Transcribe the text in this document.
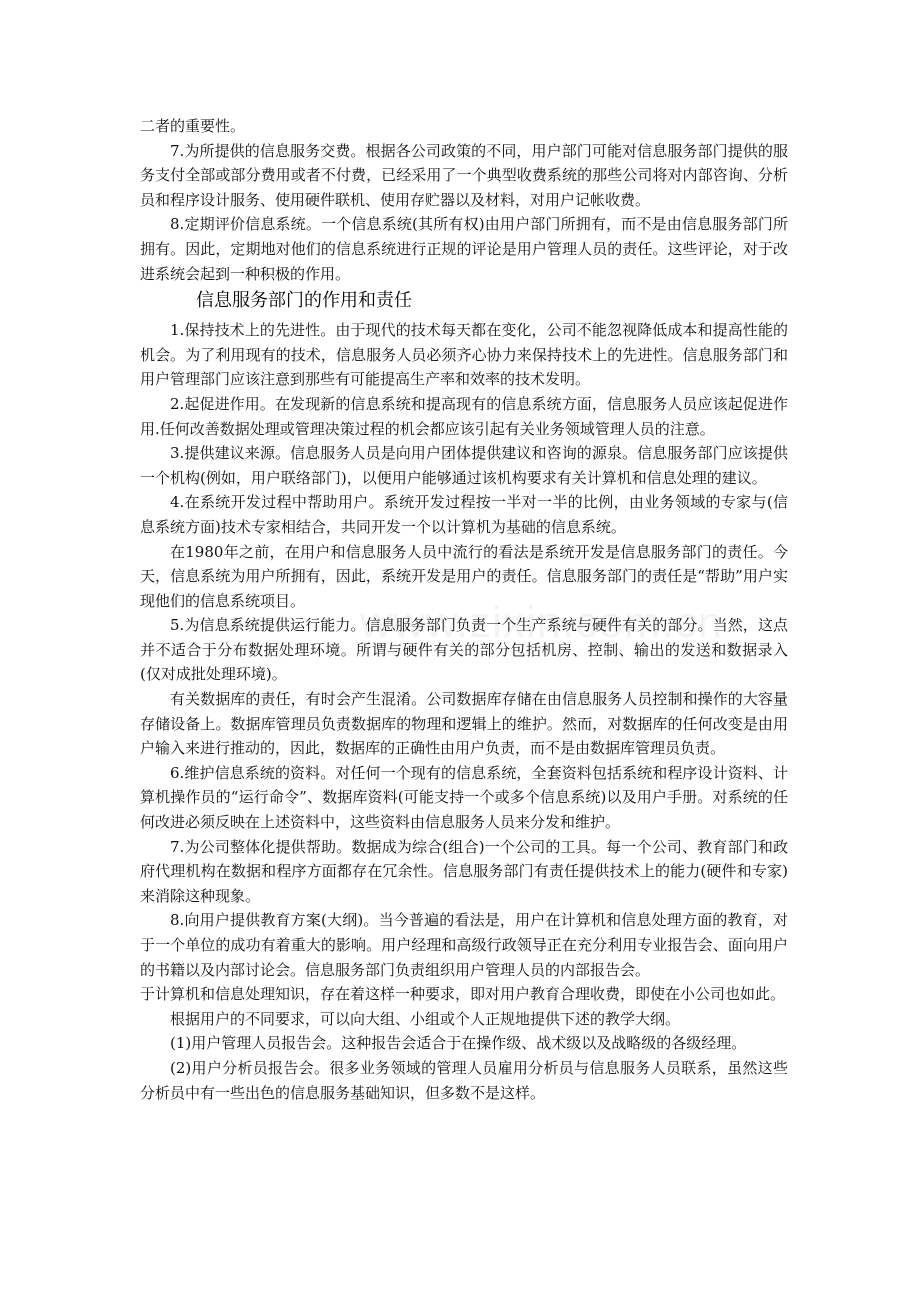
二者的重要性。

7.为所提供的信息服务交费。根据各公司政策的不同，用户部门可能对信息服务部门提供的服务支付全部或部分费用或者不付费，已经采用了一个典型收费系统的那些公司将对内部咨询、分析员和程序设计服务、使用硬件联机、使用存贮器以及材料，对用户记帐收费。

8.定期评价信息系统。一个信息系统(其所有权)由用户部门所拥有，而不是由信息服务部门所拥有。因此，定期地对他们的信息系统进行正规的评论是用户管理人员的责任。这些评论，对于改进系统会起到一种积极的作用。

信息服务部门的作用和责任

1.保持技术上的先进性。由于现代的技术每天都在变化，公司不能忽视降低成本和提高性能的机会。为了利用现有的技术，信息服务人员必须齐心协力来保持技术上的先进性。信息服务部门和用户管理部门应该注意到那些有可能提高生产率和效率的技术发明。

2.起促进作用。在发现新的信息系统和提高现有的信息系统方面，信息服务人员应该起促进作用.任何改善数据处理或管理决策过程的机会都应该引起有关业务领域管理人员的注意。

3.提供建议来源。信息服务人员是向用户团体提供建议和咨询的源泉。信息服务部门应该提供一个机构(例如，用户联络部门)，以便用户能够通过该机构要求有关计算机和信息处理的建议。

4.在系统开发过程中帮助用户。系统开发过程按一半对一半的比例，由业务领域的专家与(信息系统方面)技术专家相结合，共同开发一个以计算机为基础的信息系统。

在1980年之前，在用户和信息服务人员中流行的看法是系统开发是信息服务部门的责任。今天，信息系统为用户所拥有，因此，系统开发是用户的责任。信息服务部门的责任是“帮助”用户实现他们的信息系统项目。

5.为信息系统提供运行能力。信息服务部门负责一个生产系统与硬件有关的部分。当然，这点并不适合于分布数据处理环境。所谓与硬件有关的部分包括机房、控制、输出的发送和数据录入(仅对成批处理环境)。

有关数据库的责任，有时会产生混淆。公司数据库存储在由信息服务人员控制和操作的大容量存储设备上。数据库管理员负责数据库的物理和逻辑上的维护。然而，对数据库的任何改变是由用户输入来进行推动的，因此，数据库的正确性由用户负责，而不是由数据库管理员负责。

6.维护信息系统的资料。对任何一个现有的信息系统，全套资料包括系统和程序设计资料、计算机操作员的“运行命令”、数据库资料(可能支持一个或多个信息系统)以及用户手册。对系统的任何改进必须反映在上述资料中，这些资料由信息服务人员来分发和维护。

7.为公司整体化提供帮助。数据成为综合(组合)一个公司的工具。每一个公司、教育部门和政府代理机构在数据和程序方面都存在冗余性。信息服务部门有责任提供技术上的能力(硬件和专家)来消除这种现象。

8.向用户提供教育方案(大纲)。当今普遍的看法是，用户在计算机和信息处理方面的教育，对于一个单位的成功有着重大的影响。用户经理和高级行政领导正在充分利用专业报告会、面向用户的书籍以及内部讨论会。信息服务部门负责组织用户管理人员的内部报告会。

于计算机和信息处理知识，存在着这样一种要求，即对用户教育合理收费，即使在小公司也如此。

根据用户的不同要求，可以向大组、小组或个人正规地提供下述的教学大纲。

(1)用户管理人员报告会。这种报告会适合于在操作级、战术级以及战略级的各级经理。

(2)用户分析员报告会。很多业务领域的管理人员雇用分析员与信息服务人员联系，虽然这些分析员中有一些出色的信息服务基础知识，但多数不是这样。
